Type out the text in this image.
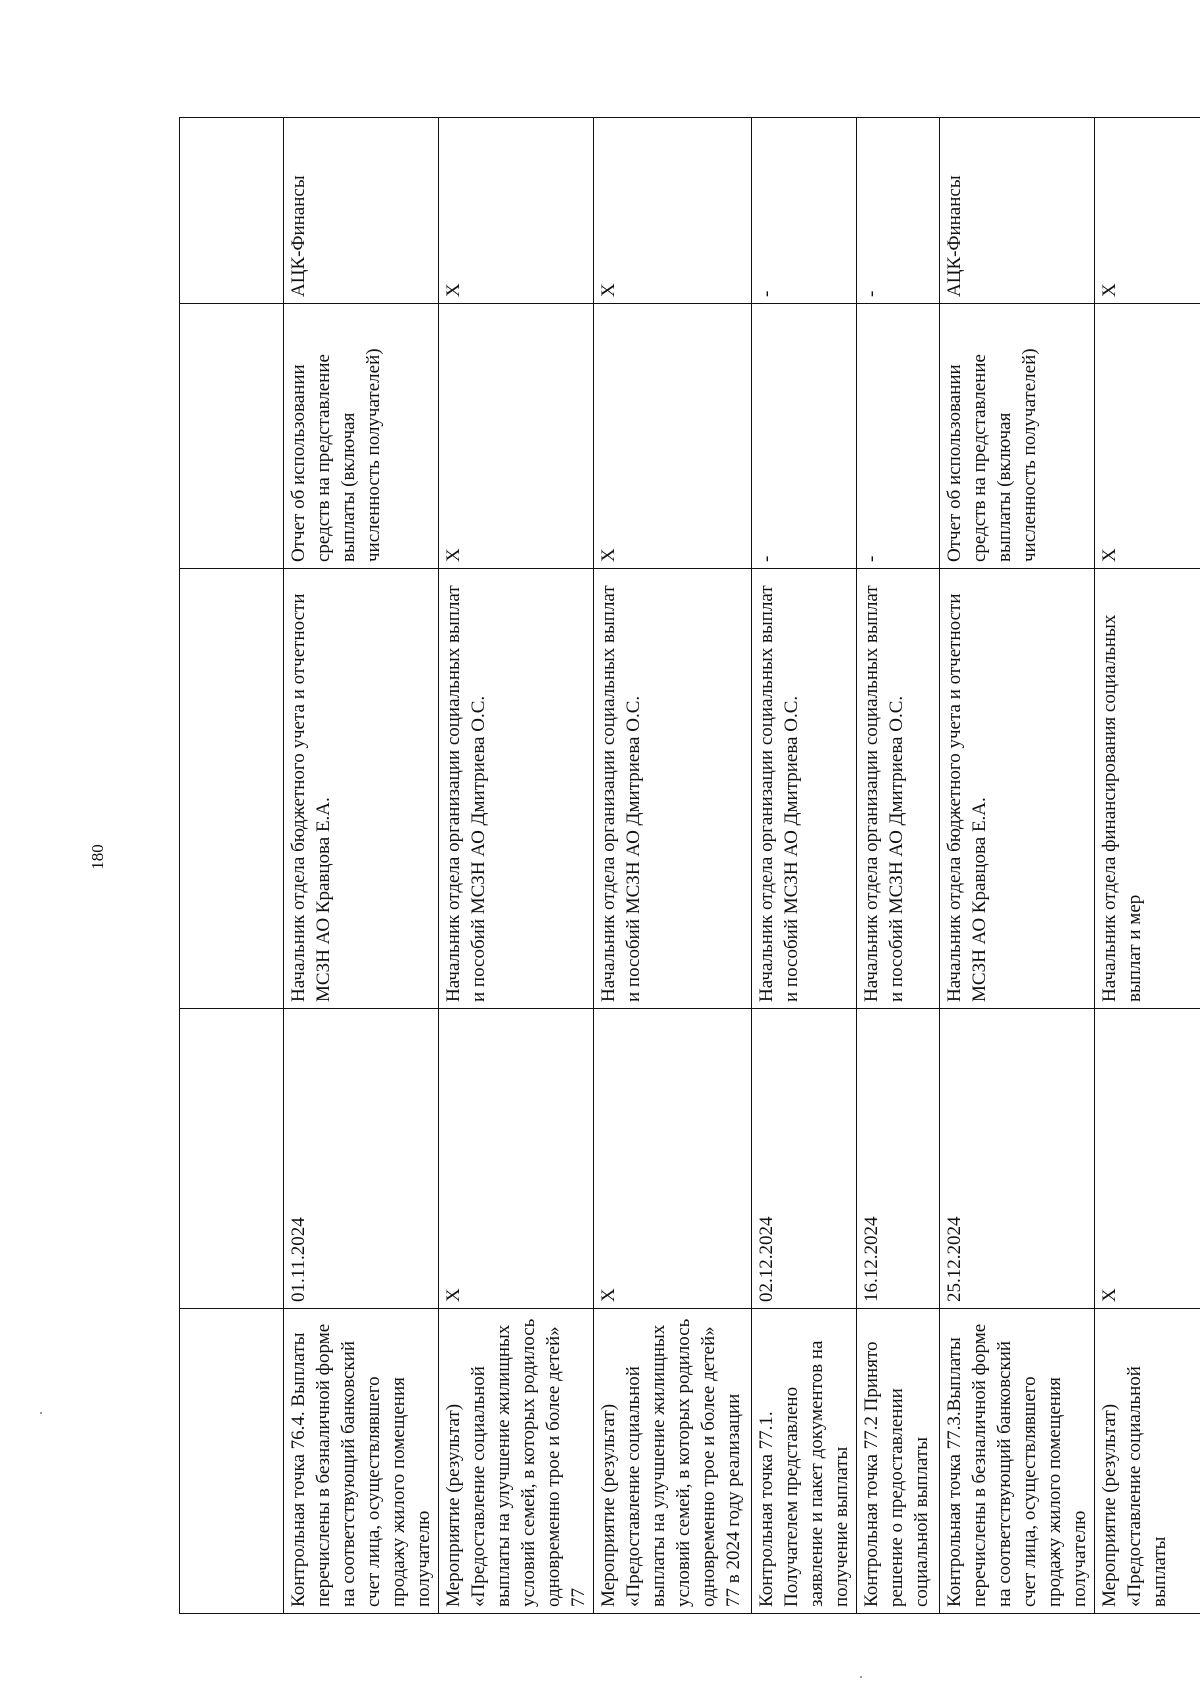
180

Контрольная точка 76.4. Выплаты перечислены в безналичной форме на соответствующий банковский счет лица, осуществлявшего продажу жилого помещения получателю	01.11.2024	Начальник отдела бюджетного учета и отчетности МСЗН АО Кравцова Е.А.	Отчет об использовании средств на представление выплаты (включая численность получателей)	АЦК-Финансы
Мероприятие (результат) «Предоставление социальной выплаты на улучшение жилищных условий семей, в которых родилось одновременно трое и более детей» 77	X	Начальник отдела организации социальных выплат и пособий МСЗН АО Дмитриева О.С.	X	X
Мероприятие (результат) «Предоставление социальной выплаты на улучшение жилищных условий семей, в которых родилось одновременно трое и более детей» 77 в 2024 году реализации	X	Начальник отдела организации социальных выплат и пособий МСЗН АО Дмитриева О.С.	X	X
Контрольная точка 77.1. Получателем представлено заявление и пакет документов на получение выплаты	02.12.2024	Начальник отдела организации социальных выплат и пособий МСЗН АО Дмитриева О.С.	-	-
Контрольная точка 77.2 Принято решение о предоставлении социальной выплаты	16.12.2024	Начальник отдела организации социальных выплат и пособий МСЗН АО Дмитриева О.С.	-	-
Контрольная точка 77.3.Выплаты перечислены в безналичной форме на соответствующий банковский счет лица, осуществлявшего продажу жилого помещения получателю	25.12.2024	Начальник отдела бюджетного учета и отчетности МСЗН АО Кравцова Е.А.	Отчет об использовании средств на представление выплаты (включая численность получателей)	АЦК-Финансы
Мероприятие (результат) «Предоставление социальной выплаты	X	Начальник отдела финансирования социальных выплат и мер	X	X
